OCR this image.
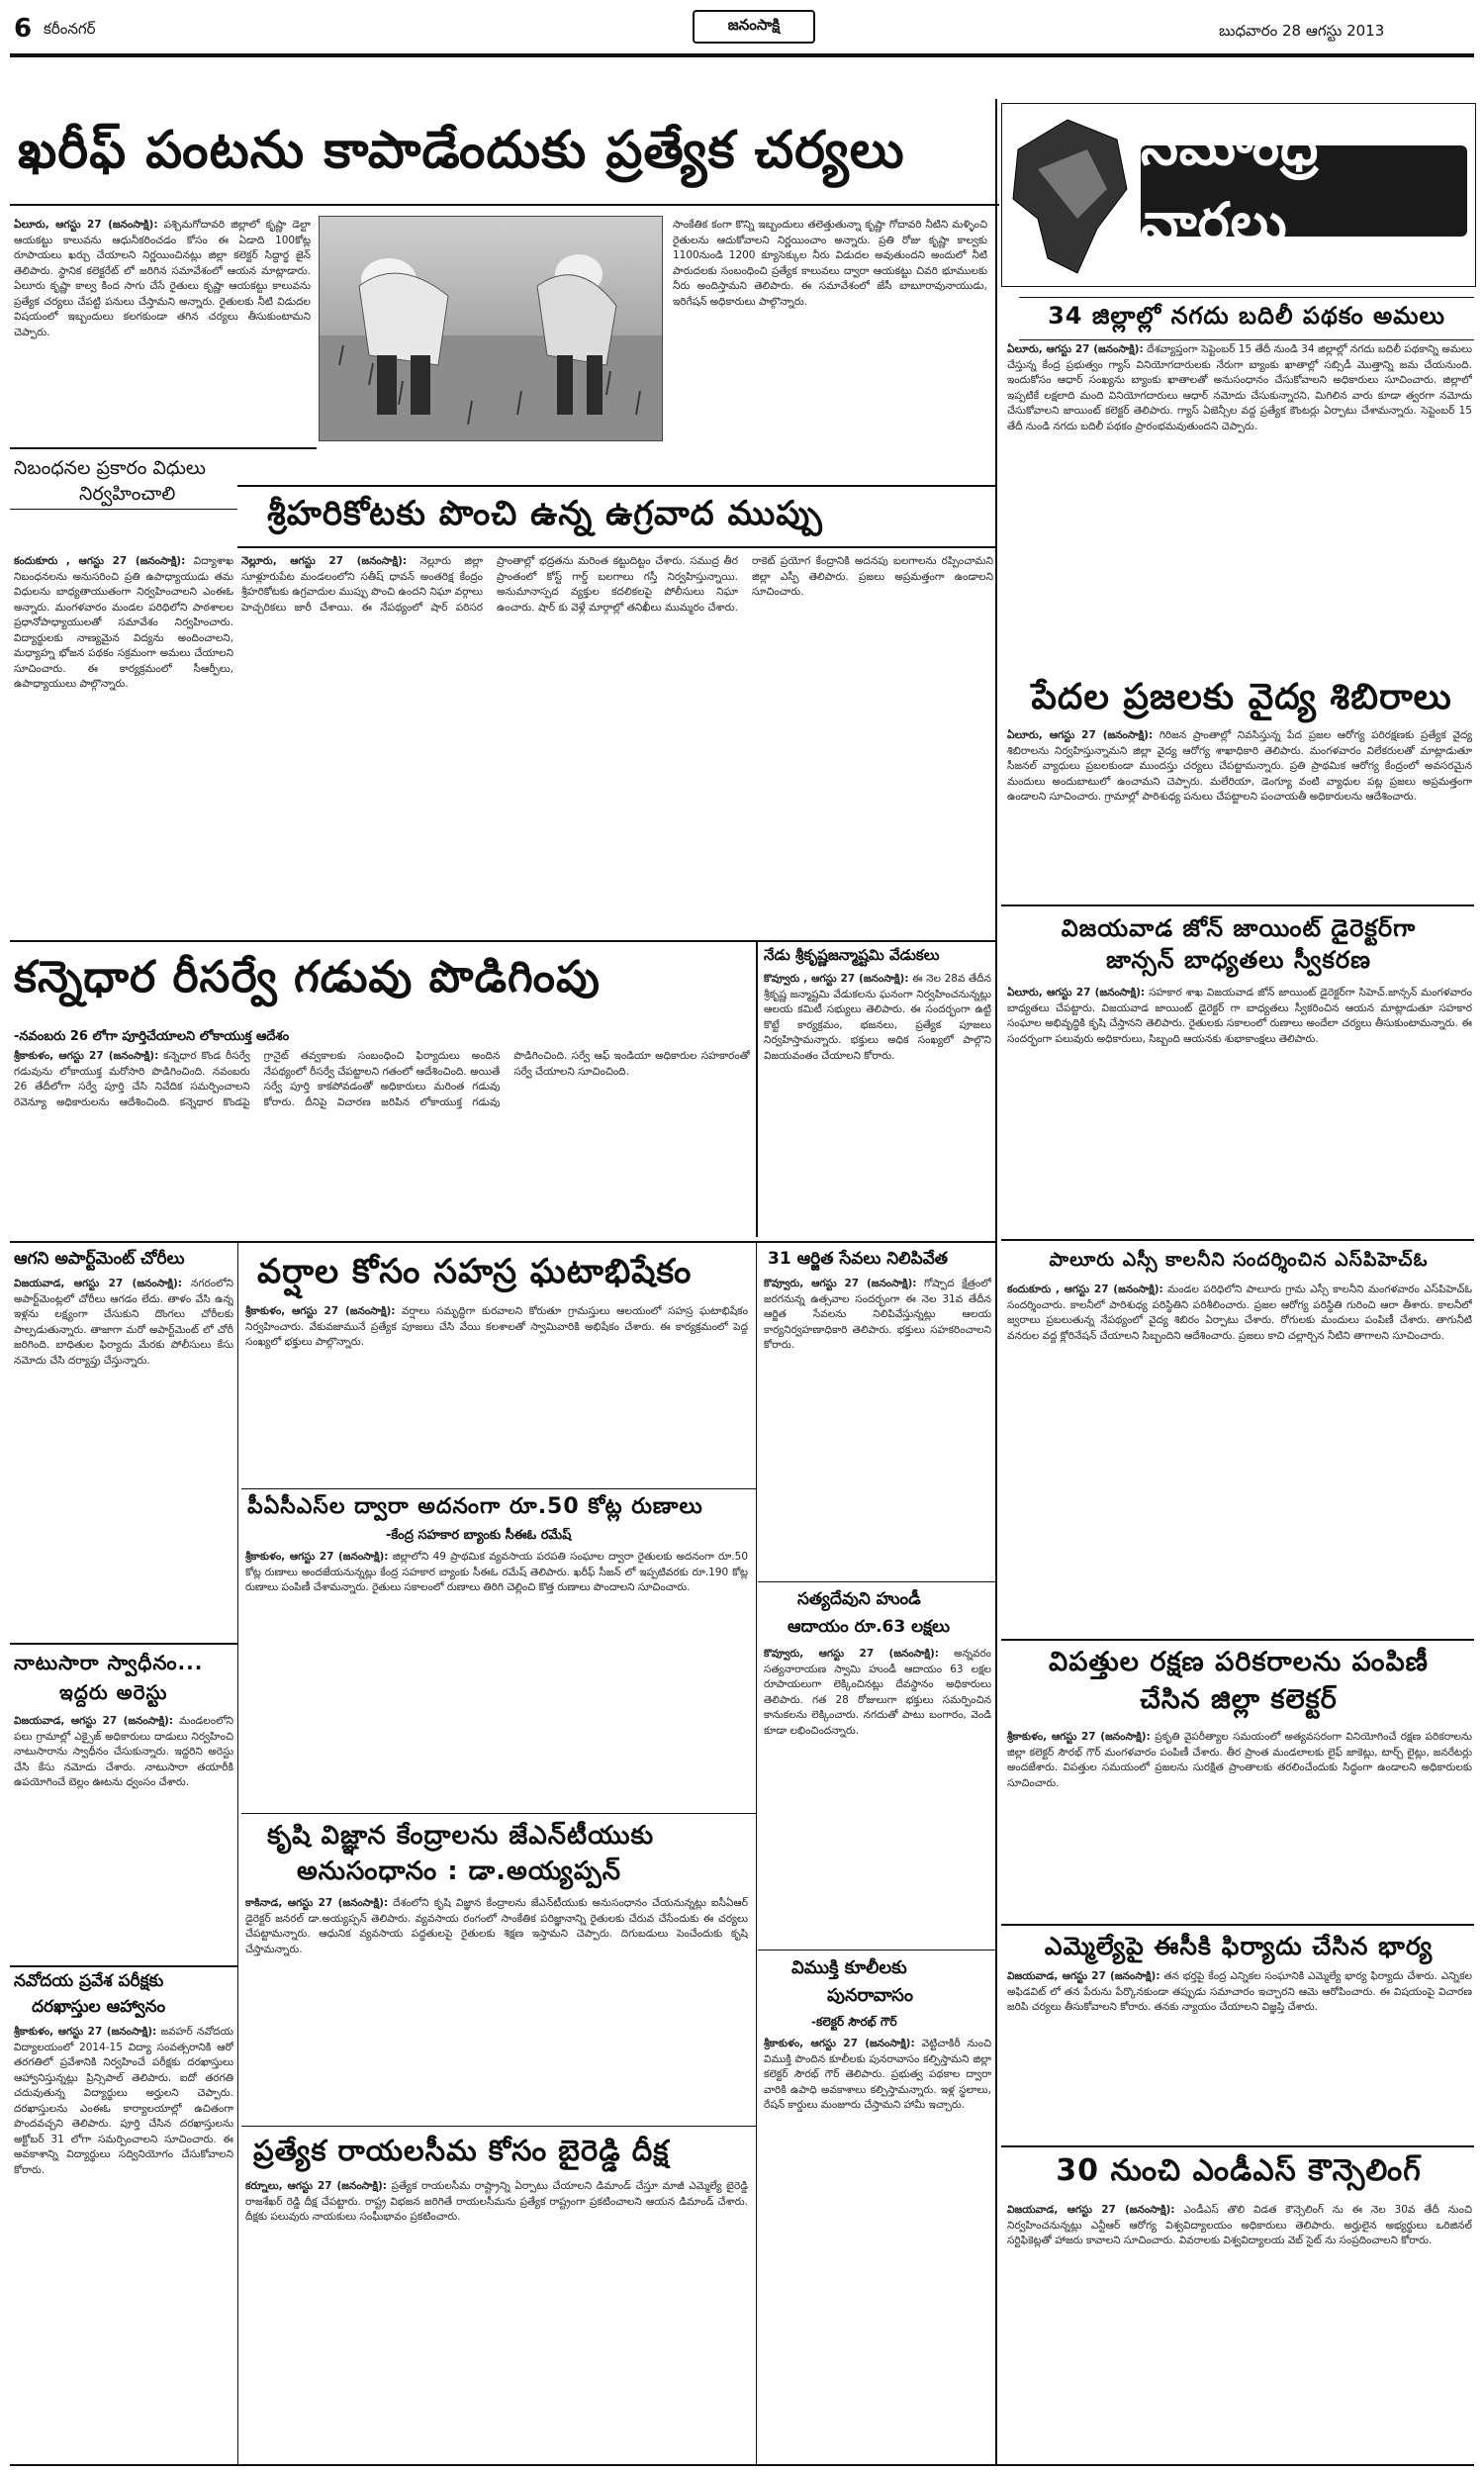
6 కరీంనగర్	జనంసాక్షి	బుధవారం 28 ఆగస్టు 2013
ఖరీఫ్ పంటను కాపాడేందుకు ప్రత్యేక చర్యలు
ఏలూరు, ఆగస్టు 27 (జనంసాక్షి): పశ్చిమగోదావరి జిల్లాలో కృష్ణా డెల్టా ఆయకట్టు కాలువను ఆధునీకరించడం కోసం ఈ ఏడాది 100కోట్ల రూపాయలు ఖర్చు చేయాలని నిర్ణయించినట్లు జిల్లా కలెక్టర్ సిద్ధార్థ జైన్ తెలిపారు. స్థానిక కలెక్టరేట్ లో జరిగిన సమావేశంలో ఆయన మాట్లాడారు. ఏలూరు కృష్ణా కాల్వ కింద సాగు చేసే రైతులు కృష్ణా ఆయకట్టు కాలువను ప్రత్యేక చర్యలు చేపట్టి పనులు చేస్తామని అన్నారు. రైతులకు నీటి విడుదల విషయంలో ఇబ్బందులు కలగకుండా తగిన చర్యలు తీసుకుంటామని చెప్పారు.
సాంకేతిక కంగా కొన్ని ఇబ్బందులు తలెత్తుతున్నా కృష్ణా గోదావరి నీటిని మళ్ళించి రైతులను ఆదుకోవాలని నిర్ణయించాం అన్నారు. ప్రతి రోజు కృష్ణా కాల్వకు 1100నుండి 1200 క్యూసెక్కుల నీరు విడుదల అవుతుందని అందులో నీటి పారుదలకు సంబంధించి ప్రత్యేక కాలువలు ద్వారా ఆయకట్టు చివరి భూములకు నీరు అందిస్తామని తెలిపారు. ఈ సమావేశంలో జేసీ బాబూరావునాయుడు, ఇరిగేషన్ అధికారులు పాల్గొన్నారు.
సీమాంధ్ర వార్తలు
34 జిల్లాల్లో నగదు బదిలీ పథకం అమలు
ఏలూరు, ఆగస్టు 27 (జనంసాక్షి): దేశవ్యాప్తంగా సెప్టెంబర్ 15 తేదీ నుండి 34 జిల్లాల్లో నగదు బదిలీ పథకాన్ని అమలు చేస్తున్న కేంద్ర ప్రభుత్వం గ్యాస్ వినియోగదారులకు నేరుగా బ్యాంకు ఖాతాల్లో సబ్సిడీ మొత్తాన్ని జమ చేయనుంది. ఇందుకోసం ఆధార్ సంఖ్యను బ్యాంకు ఖాతాలతో అనుసంధానం చేసుకోవాలని అధికారులు సూచించారు. జిల్లాలో ఇప్పటికే లక్షలాది మంది వినియోగదారులు ఆధార్ నమోదు చేసుకున్నారని, మిగిలిన వారు కూడా త్వరగా నమోదు చేసుకోవాలని జాయింట్ కలెక్టర్ తెలిపారు. గ్యాస్ ఏజెన్సీల వద్ద ప్రత్యేక కౌంటర్లు ఏర్పాటు చేశామన్నారు. సెప్టెంబర్ 15 తేదీ నుండి నగదు బదిలీ పథకం ప్రారంభమవుతుందని చెప్పారు.
పేదల ప్రజలకు వైద్య శిబిరాలు
ఏలూరు, ఆగస్టు 27 (జనంసాక్షి): గిరిజన ప్రాంతాల్లో నివసిస్తున్న పేద ప్రజల ఆరోగ్య పరిరక్షణకు ప్రత్యేక వైద్య శిబిరాలను నిర్వహిస్తున్నామని జిల్లా వైద్య ఆరోగ్య శాఖాధికారి తెలిపారు. మంగళవారం విలేకరులతో మాట్లాడుతూ సీజనల్ వ్యాధులు ప్రబలకుండా ముందస్తు చర్యలు చేపట్టామన్నారు. ప్రతి ప్రాథమిక ఆరోగ్య కేంద్రంలో అవసరమైన మందులు అందుబాటులో ఉంచామని చెప్పారు. మలేరియా, డెంగ్యూ వంటి వ్యాధుల పట్ల ప్రజలు అప్రమత్తంగా ఉండాలని సూచించారు. గ్రామాల్లో పారిశుధ్య పనులు చేపట్టాలని పంచాయతీ అధికారులను ఆదేశించారు.
విజయవాడ జోన్ జాయింట్ డైరెక్టర్‌గా
జాన్సన్ బాధ్యతలు స్వీకరణ
ఏలూరు, ఆగస్టు 27 (జనంసాక్షి): సహకార శాఖ విజయవాడ జోన్ జాయింట్ డైరెక్టర్‌గా సిహెచ్.జాన్సన్ మంగళవారం బాధ్యతలు చేపట్టారు. విజయవాడ జాయింట్ డైరెక్టర్ గా బాధ్యతలు స్వీకరించిన ఆయన మాట్లాడుతూ సహకార సంఘాల అభివృద్ధికి కృషి చేస్తానని తెలిపారు. రైతులకు సకాలంలో రుణాలు అందేలా చర్యలు తీసుకుంటామన్నారు. ఈ సందర్భంగా పలువురు అధికారులు, సిబ్బంది ఆయనకు శుభాకాంక్షలు తెలిపారు.
పాలూరు ఎస్సీ కాలనీని సందర్శించిన ఎస్‌పిహెచ్‌ఓ
కందుకూరు , ఆగస్టు 27 (జనంసాక్షి): మండల పరిధిలోని పాలూరు గ్రామ ఎస్సీ కాలనీని మంగళవారం ఎస్‌పిహెచ్‌ఓ సందర్శించారు. కాలనీలో పారిశుధ్య పరిస్థితిని పరిశీలించారు. ప్రజల ఆరోగ్య పరిస్థితి గురించి ఆరా తీశారు. కాలనీలో జ్వరాలు ప్రబలుతున్న నేపథ్యంలో వైద్య శిబిరం ఏర్పాటు చేశారు. రోగులకు మందులు పంపిణీ చేశారు. తాగునీటి వనరుల వద్ద క్లోరినేషన్ చేయాలని సిబ్బందిని ఆదేశించారు. ప్రజలు కాచి చల్లార్చిన నీటిని తాగాలని సూచించారు.
విపత్తుల రక్షణ పరికరాలను పంపిణీ
చేసిన జిల్లా కలెక్టర్
శ్రీకాకుళం, ఆగస్టు 27 (జనంసాక్షి): ప్రకృతి వైపరీత్యాల సమయంలో అత్యవసరంగా వినియోగించే రక్షణ పరికరాలను జిల్లా కలెక్టర్ సౌరభ్ గౌర్ మంగళవారం పంపిణీ చేశారు. తీర ప్రాంత మండలాలకు లైఫ్ జాకెట్లు, టార్చ్ లైట్లు, జనరేటర్లు అందజేశారు. విపత్తుల సమయంలో ప్రజలను సురక్షిత ప్రాంతాలకు తరలించేందుకు సిద్ధంగా ఉండాలని అధికారులకు సూచించారు.
ఎమ్మెల్యేపై ఈసీకి ఫిర్యాదు చేసిన భార్య
విజయవాడ, ఆగస్టు 27 (జనంసాక్షి): తన భర్తపై కేంద్ర ఎన్నికల సంఘానికి ఎమ్మెల్యే భార్య ఫిర్యాదు చేశారు. ఎన్నికల అఫిడవిట్ లో తన పేరును పేర్కొనకుండా తప్పుడు సమాచారం ఇచ్చారని ఆమె ఆరోపించారు. ఈ విషయంపై విచారణ జరిపి చర్యలు తీసుకోవాలని కోరారు. తనకు న్యాయం చేయాలని విజ్ఞప్తి చేశారు.
30 నుంచి ఎండీఎస్ కౌన్సెలింగ్
విజయవాడ, ఆగస్టు 27 (జనంసాక్షి): ఎండీఎస్ తొలి విడత కౌన్సెలింగ్ ను ఈ నెల 30వ తేదీ నుంచి నిర్వహించనున్నట్లు ఎన్టీఆర్ ఆరోగ్య విశ్వవిద్యాలయం అధికారులు తెలిపారు. అర్హులైన అభ్యర్థులు ఒరిజినల్ సర్టిఫికెట్లతో హాజరు కావాలని సూచించారు. వివరాలకు విశ్వవిద్యాలయ వెబ్ సైట్ ను సంప్రదించాలని కోరారు.
నిబంధనల ప్రకారం విధులు
నిర్వహించాలి
కందుకూరు , ఆగస్టు 27 (జనంసాక్షి): విద్యాశాఖ నిబంధనలను అనుసరించి ప్రతి ఉపాధ్యాయుడు తమ విధులను బాధ్యతాయుతంగా నిర్వహించాలని ఎంఈఓ అన్నారు. మంగళవారం మండల పరిధిలోని పాఠశాలల ప్రధానోపాధ్యాయులతో సమావేశం నిర్వహించారు. విద్యార్థులకు నాణ్యమైన విద్యను అందించాలని, మధ్యాహ్న భోజన పథకం సక్రమంగా అమలు చేయాలని సూచించారు. ఈ కార్యక్రమంలో సీఆర్పీలు, ఉపాధ్యాయులు పాల్గొన్నారు.
శ్రీహరికోటకు పొంచి ఉన్న ఉగ్రవాద ముప్పు
నెల్లూరు, ఆగస్టు 27 (జనంసాక్షి): నెల్లూరు జిల్లా సూళ్లూరుపేట మండలంలోని సతీష్ ధావన్ అంతరిక్ష కేంద్రం శ్రీహరికోటకు ఉగ్రవాదుల ముప్పు పొంచి ఉందని నిఘా వర్గాలు హెచ్చరికలు జారీ చేశాయి. ఈ నేపథ్యంలో షార్ పరిసర ప్రాంతాల్లో భద్రతను మరింత కట్టుదిట్టం చేశారు. సముద్ర తీర ప్రాంతంలో కోస్ట్ గార్డ్ బలగాలు గస్తీ నిర్వహిస్తున్నాయి. అనుమానాస్పద వ్యక్తుల కదలికలపై పోలీసులు నిఘా ఉంచారు. షార్ కు వెళ్లే మార్గాల్లో తనిఖీలు ముమ్మరం చేశారు. రాకెట్ ప్రయోగ కేంద్రానికి అదనపు బలగాలను రప్పించామని జిల్లా ఎస్పీ తెలిపారు. ప్రజలు అప్రమత్తంగా ఉండాలని సూచించారు.
కన్నెధార రీసర్వే గడువు పొడిగింపు
-నవంబరు 26 లోగా పూర్తిచేయాలని లోకాయుక్త ఆదేశం
శ్రీకాకుళం, ఆగస్టు 27 (జనంసాక్షి): కన్నెధార కొండ రీసర్వే గడువును లోకాయుక్త మరోసారి పొడిగించింది. నవంబరు 26 తేదీలోగా సర్వే పూర్తి చేసి నివేదిక సమర్పించాలని రెవెన్యూ అధికారులను ఆదేశించింది. కన్నెధార కొండపై గ్రానైట్ తవ్వకాలకు సంబంధించి ఫిర్యాదులు అందిన నేపథ్యంలో రీసర్వే చేపట్టాలని గతంలో ఆదేశించింది. అయితే సర్వే పూర్తి కాకపోవడంతో అధికారులు మరింత గడువు కోరారు. దీనిపై విచారణ జరిపిన లోకాయుక్త గడువు పొడిగించింది. సర్వే ఆఫ్ ఇండియా అధికారుల సహకారంతో సర్వే చేయాలని సూచించింది.
నేడు శ్రీకృష్ణజన్మాష్టమి వేడుకలు
కొవ్వూరు , ఆగస్టు 27 (జనంసాక్షి): ఈ నెల 28వ తేదీన శ్రీకృష్ణ జన్మాష్టమి వేడుకలను ఘనంగా నిర్వహించనున్నట్లు ఆలయ కమిటీ సభ్యులు తెలిపారు. ఈ సందర్భంగా ఉట్టి కొట్టే కార్యక్రమం, భజనలు, ప్రత్యేక పూజలు నిర్వహిస్తామన్నారు. భక్తులు అధిక సంఖ్యలో పాల్గొని విజయవంతం చేయాలని కోరారు.
ఆగని అపార్ట్‌మెంట్ చోరీలు
విజయవాడ, ఆగస్టు 27 (జనంసాక్షి): నగరంలోని అపార్ట్‌మెంట్లలో చోరీలు ఆగడం లేదు. తాళం వేసి ఉన్న ఇళ్లను లక్ష్యంగా చేసుకుని దొంగలు చోరీలకు పాల్పడుతున్నారు. తాజాగా మరో అపార్ట్‌మెంట్ లో చోరీ జరిగింది. బాధితుల ఫిర్యాదు మేరకు పోలీసులు కేసు నమోదు చేసి దర్యాప్తు చేస్తున్నారు.
నాటుసారా స్వాధీనం...
ఇద్దరు అరెస్టు
విజయవాడ, ఆగస్టు 27 (జనంసాక్షి): మండలంలోని పలు గ్రామాల్లో ఎక్సైజ్ అధికారులు దాడులు నిర్వహించి నాటుసారాను స్వాధీనం చేసుకున్నారు. ఇద్దరిని అరెస్టు చేసి కేసు నమోదు చేశారు. నాటుసారా తయారీకి ఉపయోగించే బెల్లం ఊటను ధ్వంసం చేశారు.
నవోదయ ప్రవేశ పరీక్షకు
దరఖాస్తుల ఆహ్వానం
శ్రీకాకుళం, ఆగస్టు 27 (జనంసాక్షి): జవహర్ నవోదయ విద్యాలయంలో 2014-15 విద్యా సంవత్సరానికి ఆరో తరగతిలో ప్రవేశానికి నిర్వహించే పరీక్షకు దరఖాస్తులు ఆహ్వానిస్తున్నట్లు ప్రిన్సిపాల్ తెలిపారు. ఐదో తరగతి చదువుతున్న విద్యార్థులు అర్హులని చెప్పారు. దరఖాస్తులను ఎంఈఓ కార్యాలయాల్లో ఉచితంగా పొందవచ్చని తెలిపారు. పూర్తి చేసిన దరఖాస్తులను అక్టోబర్ 31 లోగా సమర్పించాలని సూచించారు. ఈ అవకాశాన్ని విద్యార్థులు సద్వినియోగం చేసుకోవాలని కోరారు.
వర్షాల కోసం సహస్ర ఘటాభిషేకం
శ్రీకాకుళం, ఆగస్టు 27 (జనంసాక్షి): వర్షాలు సమృద్ధిగా కురవాలని కోరుతూ గ్రామస్తులు ఆలయంలో సహస్ర ఘటాభిషేకం నిర్వహించారు. వేకువజామునే ప్రత్యేక పూజలు చేసి వేయి కలశాలతో స్వామివారికి అభిషేకం చేశారు. ఈ కార్యక్రమంలో పెద్ద సంఖ్యలో భక్తులు పాల్గొన్నారు.
పీఏసీఎస్‌ల ద్వారా అదనంగా రూ.50 కోట్ల రుణాలు
-కేంద్ర సహకార బ్యాంకు సీఈఓ రమేష్
శ్రీకాకుళం, ఆగస్టు 27 (జనంసాక్షి): జిల్లాలోని 49 ప్రాథమిక వ్యవసాయ పరపతి సంఘాల ద్వారా రైతులకు అదనంగా రూ.50 కోట్ల రుణాలు అందజేయనున్నట్లు కేంద్ర సహకార బ్యాంకు సీఈఓ రమేష్ తెలిపారు. ఖరీఫ్ సీజన్ లో ఇప్పటివరకు రూ.190 కోట్ల రుణాలు పంపిణీ చేశామన్నారు. రైతులు సకాలంలో రుణాలు తిరిగి చెల్లించి కొత్త రుణాలు పొందాలని సూచించారు.
కృషి విజ్ఞాన కేంద్రాలను జేఎన్‌టీయుకు
అనుసంధానం : డా.అయ్యప్పన్
కాకినాడ, ఆగస్టు 27 (జనంసాక్షి): దేశంలోని కృషి విజ్ఞాన కేంద్రాలను జేఎన్‌టీయుకు అనుసంధానం చేయనున్నట్లు ఐసీఏఆర్ డైరెక్టర్ జనరల్ డా.అయ్యప్పన్ తెలిపారు. వ్యవసాయ రంగంలో సాంకేతిక పరిజ్ఞానాన్ని రైతులకు చేరువ చేసేందుకు ఈ చర్యలు చేపట్టామన్నారు. ఆధునిక వ్యవసాయ పద్ధతులపై రైతులకు శిక్షణ ఇస్తామని చెప్పారు. దిగుబడులు పెంచేందుకు కృషి చేస్తామన్నారు.
ప్రత్యేక రాయలసీమ కోసం బైరెడ్డి దీక్ష
కర్నూలు, ఆగస్టు 27 (జనంసాక్షి): ప్రత్యేక రాయలసీమ రాష్ట్రాన్ని ఏర్పాటు చేయాలని డిమాండ్ చేస్తూ మాజీ ఎమ్మెల్యే బైరెడ్డి రాజశేఖర్ రెడ్డి దీక్ష చేపట్టారు. రాష్ట్ర విభజన జరిగితే రాయలసీమను ప్రత్యేక రాష్ట్రంగా ప్రకటించాలని ఆయన డిమాండ్ చేశారు. దీక్షకు పలువురు నాయకులు సంఘీభావం ప్రకటించారు.
31 ఆర్జిత సేవలు నిలిపివేత
కొవ్వూరు, ఆగస్టు 27 (జనంసాక్షి): గోష్పాద క్షేత్రంలో జరగనున్న ఉత్సవాల సందర్భంగా ఈ నెల 31వ తేదీన ఆర్జిత సేవలను నిలిపివేస్తున్నట్లు ఆలయ కార్యనిర్వహణాధికారి తెలిపారు. భక్తులు సహకరించాలని కోరారు.
సత్యదేవుని హుండీ
ఆదాయం రూ.63 లక్షలు
కొవ్వూరు, ఆగస్టు 27 (జనంసాక్షి): అన్నవరం సత్యనారాయణ స్వామి హుండీ ఆదాయం 63 లక్షల రూపాయలుగా లెక్కించినట్లు దేవస్థానం అధికారులు తెలిపారు. గత 28 రోజులుగా భక్తులు సమర్పించిన కానుకలను లెక్కించారు. నగదుతో పాటు బంగారం, వెండి కూడా లభించిందన్నారు.
విముక్తి కూలీలకు
పునరావాసం
-కలెక్టర్ సౌరభ్ గౌర్
శ్రీకాకుళం, ఆగస్టు 27 (జనంసాక్షి): వెట్టిచాకిరీ నుంచి విముక్తి పొందిన కూలీలకు పునరావాసం కల్పిస్తామని జిల్లా కలెక్టర్ సౌరభ్ గౌర్ తెలిపారు. ప్రభుత్వ పథకాల ద్వారా వారికి ఉపాధి అవకాశాలు కల్పిస్తామన్నారు. ఇళ్ల స్థలాలు, రేషన్ కార్డులు మంజూరు చేస్తామని హామీ ఇచ్చారు.
